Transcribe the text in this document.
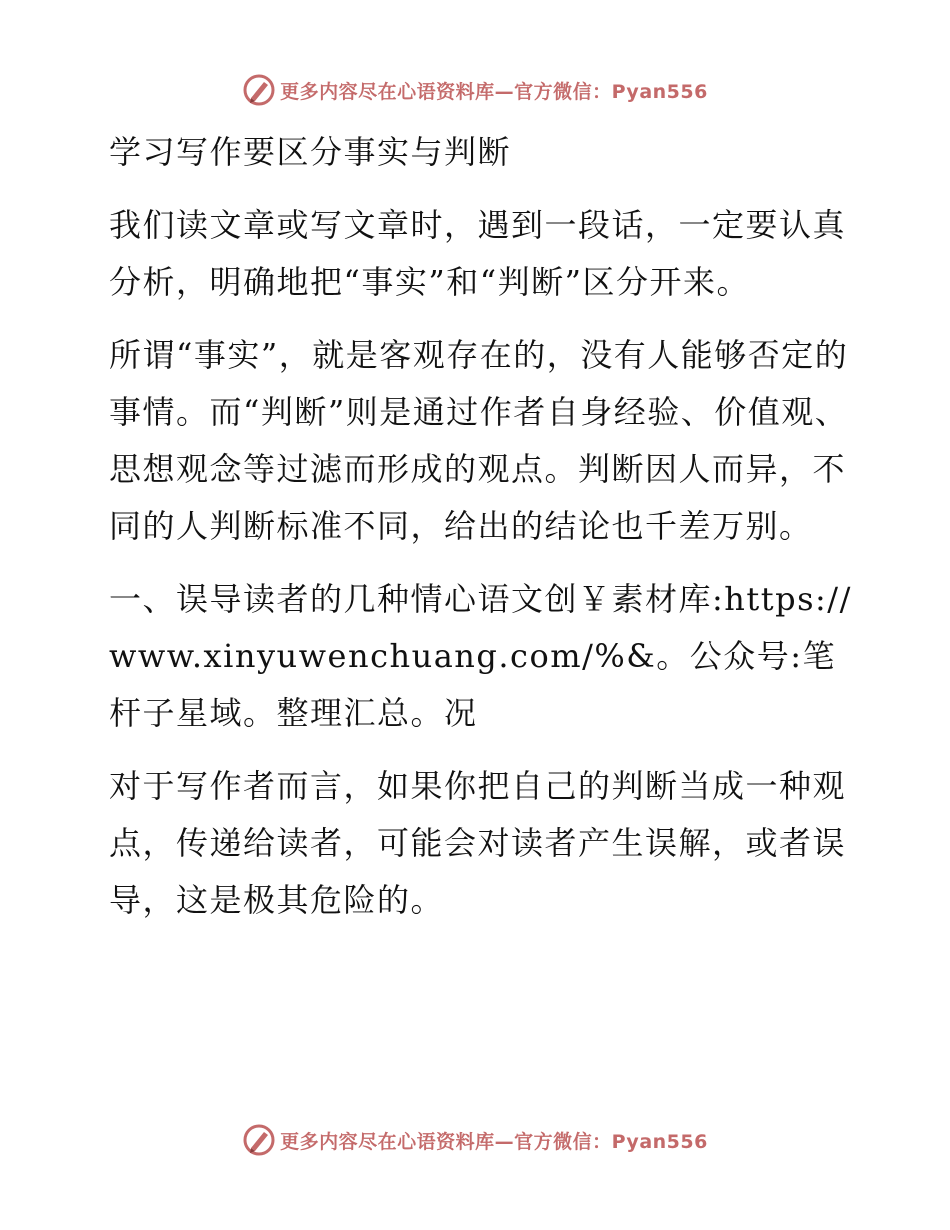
更多内容尽在心语资料库—官方微信：Pyan556

学习写作要区分事实与判断

我们读文章或写文章时，遇到一段话，一定要认真分析，明确地把“事实”和“判断”区分开来。

所谓“事实”，就是客观存在的，没有人能够否定的事情。而“判断”则是通过作者自身经验、价值观、思想观念等过滤而形成的观点。判断因人而异，不同的人判断标准不同，给出的结论也千差万别。

一、误导读者的几种情心语文创￥素材库:https://www.xinyuwenchuang.com/%&。公众号:笔杆子星域。整理汇总。况

对于写作者而言，如果你把自己的判断当成一种观点，传递给读者，可能会对读者产生误解，或者误导，这是极其危险的。

更多内容尽在心语资料库—官方微信：Pyan556
